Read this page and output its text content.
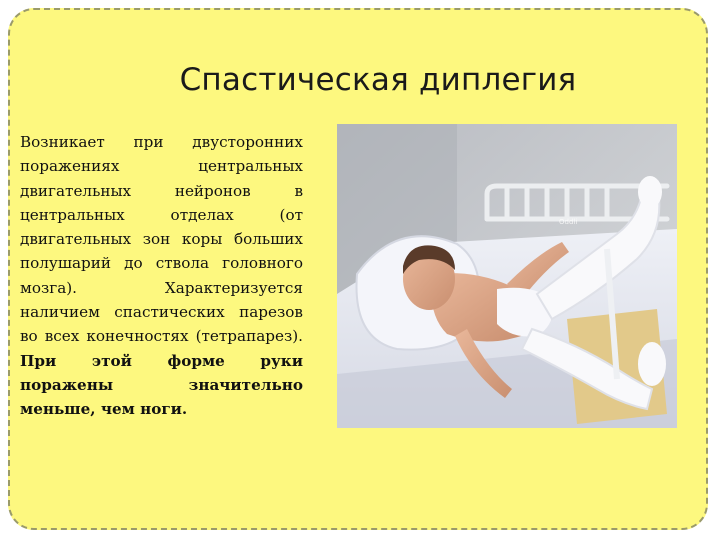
Спастическая диплегия

Возникает при двусторонних поражениях центральных двигательных нейронов в центральных отделах (от двигательных зон коры больших полушарий до ствола головного мозга). Характеризуется наличием спастических парезов во всех конечностях (тетрапарез). При этой форме руки поражены значительно меньше, чем ноги.

Oddli
